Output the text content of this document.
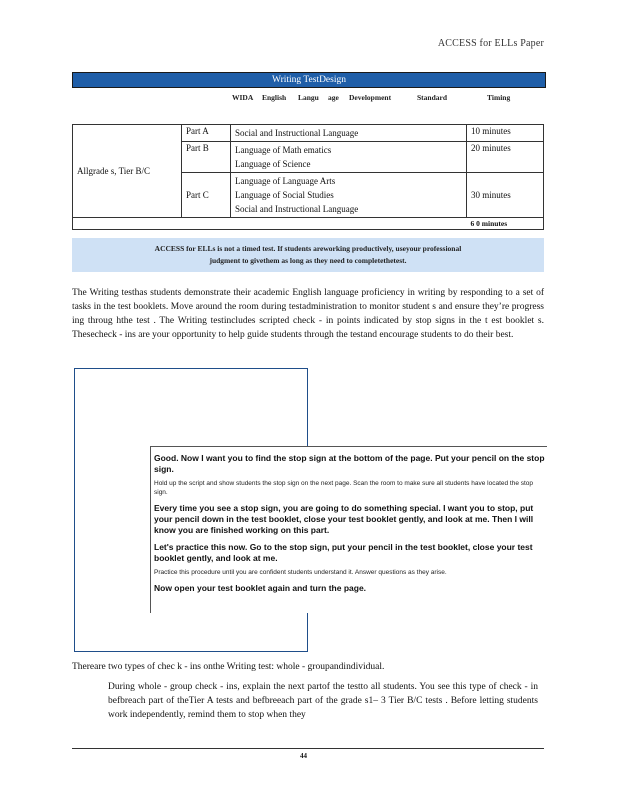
ACCESS for ELLs Paper
Writing TestDesign
WIDA English Langu age Development	Standard	Timing
Allgrade s, Tier B/C	Part A	Social and Instructional Language	10 minutes
	Part B	Language of Math ematics
Language of Science	20 minutes
	Part C	Language of Language Arts
Language of Social Studies
Social and Instructional Language	30 minutes
			6 0 minutes
ACCESS for ELLs is not a timed test. If students areworking productively, useyour professional
judgment to givethem as long as they need to completethetest.
The Writing testhas students demonstrate their academic English language proficiency in writing by responding to a set of tasks in the test booklets. Move around the room during testadministration to monitor student s and ensure they’re progress ing throug hthe test . The Writing testincludes scripted check - in points indicated by stop signs in the t est booklet s. Thesecheck - ins are your opportunity to help guide students through the testand encourage students to do their best.

Good. Now I want you to find the stop sign at the bottom of the page. Put your pencil on the stop sign.

Hold up the script and show students the stop sign on the next page. Scan the room to make sure all students have located the stop sign.

Every time you see a stop sign, you are going to do something special. I want you to stop, put your pencil down in the test booklet, close your test booklet gently, and look at me. Then I will know you are finished working on this part.

Let's practice this now. Go to the stop sign, put your pencil in the test booklet, close your test booklet gently, and look at me.

Practice this procedure until you are confident students understand it. Answer questions as they arise.

Now open your test booklet again and turn the page.

Thereare two types of chec k - ins onthe Writing test: whole - groupandindividual.
During whole - group check - ins, explain the next partof the testto all students. You see this type of check - in befbreach part of theTier A tests and befbreeach part of the grade s1– 3 Tier B/C tests . Before letting students work independently, remind them to stop when they
44
